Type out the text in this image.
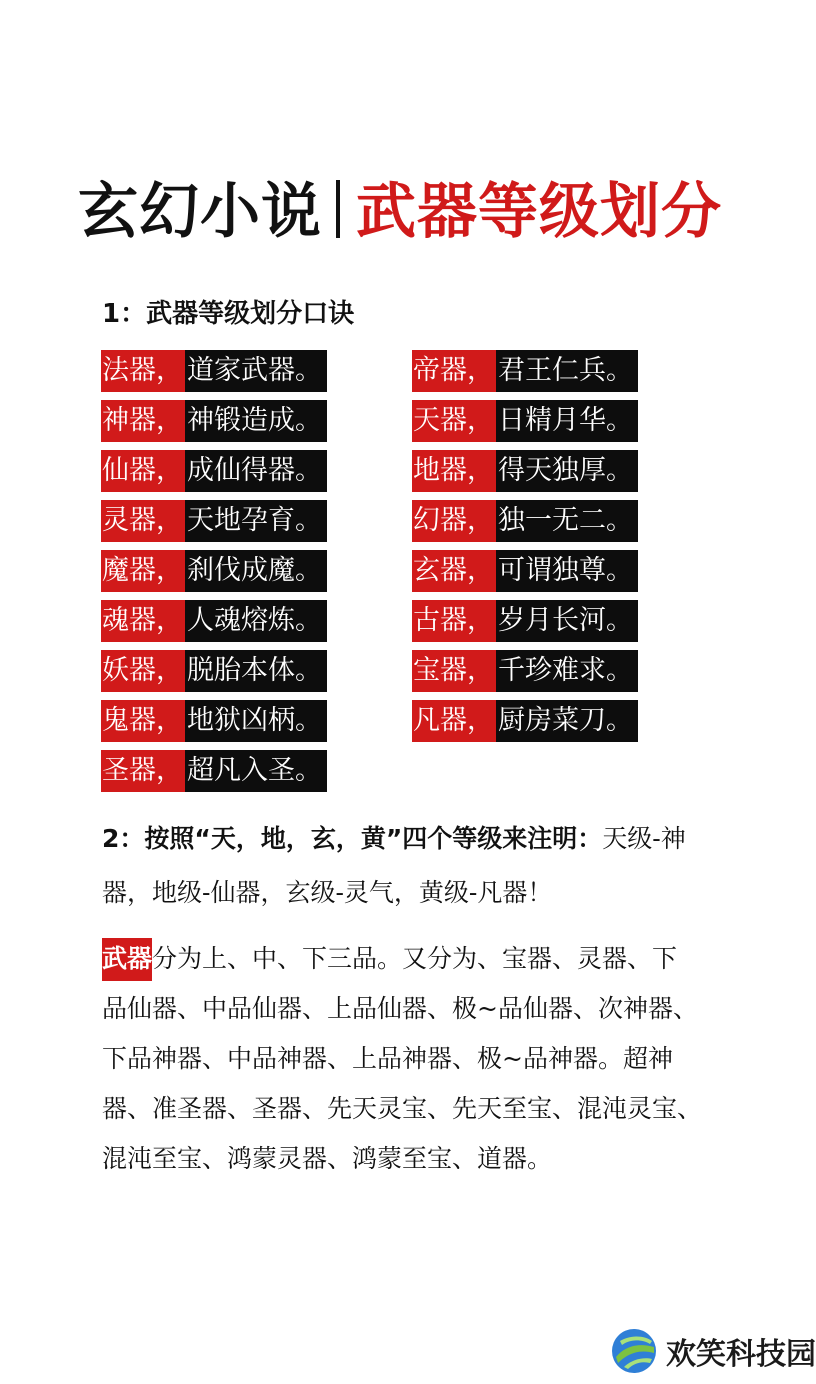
玄幻小说 武器等级划分
1：武器等级划分口诀
法器， 道家武器。
神器， 神锻造成。
仙器， 成仙得器。
灵器， 天地孕育。
魔器， 刹伐成魔。
魂器， 人魂熔炼。
妖器， 脱胎本体。
鬼器， 地狱凶柄。
圣器， 超凡入圣。
帝器， 君王仁兵。
天器， 日精月华。
地器， 得天独厚。
幻器， 独一无二。
玄器， 可谓独尊。
古器， 岁月长河。
宝器， 千珍难求。
凡器， 厨房菜刀。
2：按照“天，地，玄，黄”四个等级来注明：天级-神器，地级-仙器，玄级-灵气，黄级-凡器！
武器分为上、中、下三品。又分为、宝器、灵器、下品仙器、中品仙器、上品仙器、极~品仙器、次神器、下品神器、中品神器、上品神器、极~品神器。超神器、准圣器、圣器、先天灵宝、先天至宝、混沌灵宝、混沌至宝、鸿蒙灵器、鸿蒙至宝、道器。
欢笑科技园
